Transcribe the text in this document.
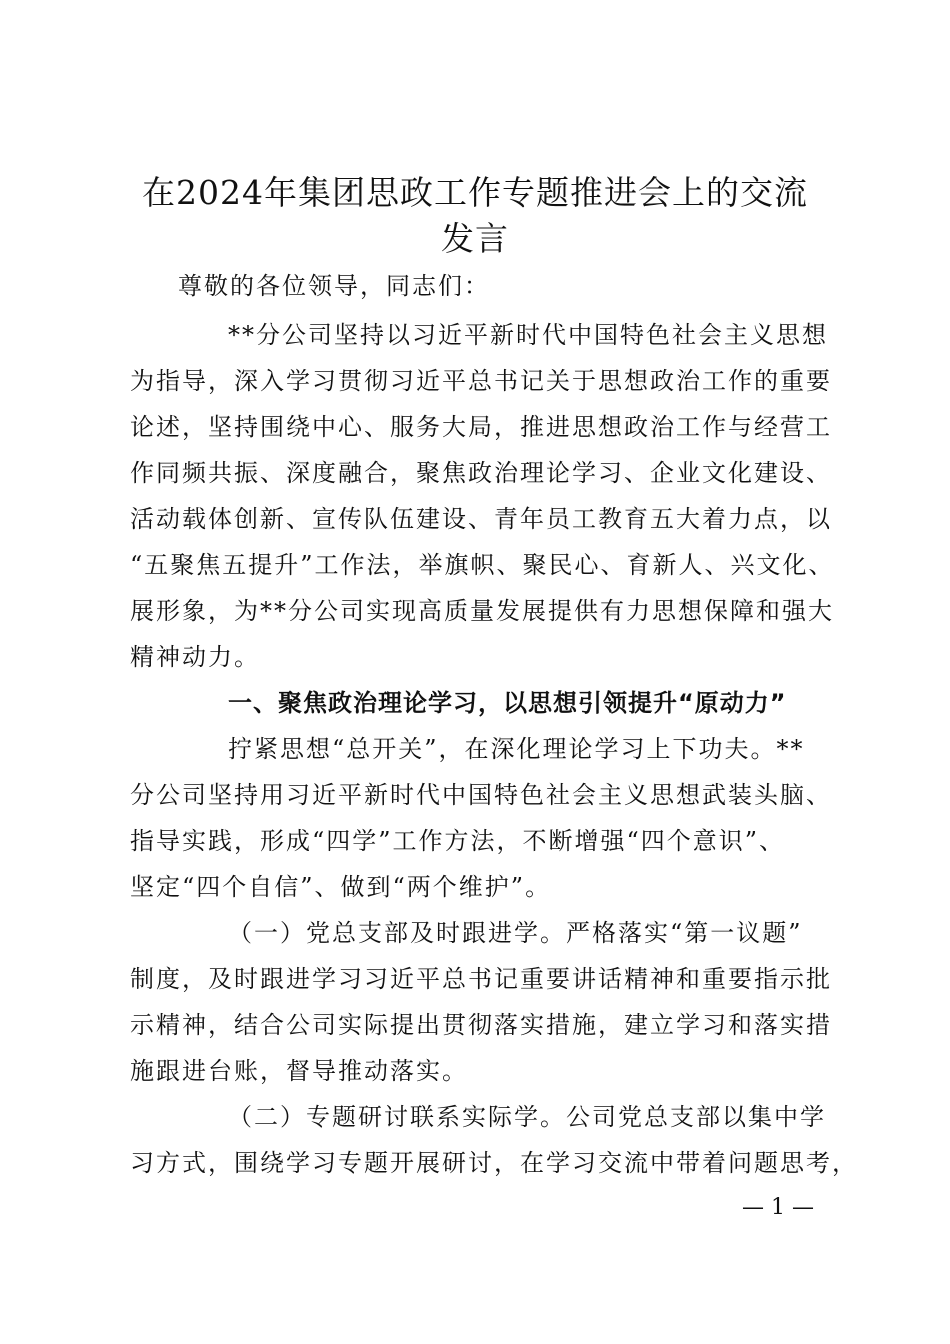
在2024年集团思政工作专题推进会上的交流
发言
尊敬的各位领导，同志们：
**分公司坚持以习近平新时代中国特色社会主义思想
为指导，深入学习贯彻习近平总书记关于思想政治工作的重要
论述，坚持围绕中心、服务大局，推进思想政治工作与经营工
作同频共振、深度融合，聚焦政治理论学习、企业文化建设、
活动载体创新、宣传队伍建设、青年员工教育五大着力点，以
“五聚焦五提升”工作法，举旗帜、聚民心、育新人、兴文化、
展形象，为**分公司实现高质量发展提供有力思想保障和强大
精神动力。
一、聚焦政治理论学习，以思想引领提升“原动力”
拧紧思想“总开关”，在深化理论学习上下功夫。**
分公司坚持用习近平新时代中国特色社会主义思想武装头脑、
指导实践，形成“四学”工作方法，不断增强“四个意识”、
坚定“四个自信”、做到“两个维护”。
（一）党总支部及时跟进学。严格落实“第一议题”
制度，及时跟进学习习近平总书记重要讲话精神和重要指示批
示精神，结合公司实际提出贯彻落实措施，建立学习和落实措
施跟进台账，督导推动落实。
（二）专题研讨联系实际学。公司党总支部以集中学
习方式，围绕学习专题开展研讨，在学习交流中带着问题思考，
— 1 —
